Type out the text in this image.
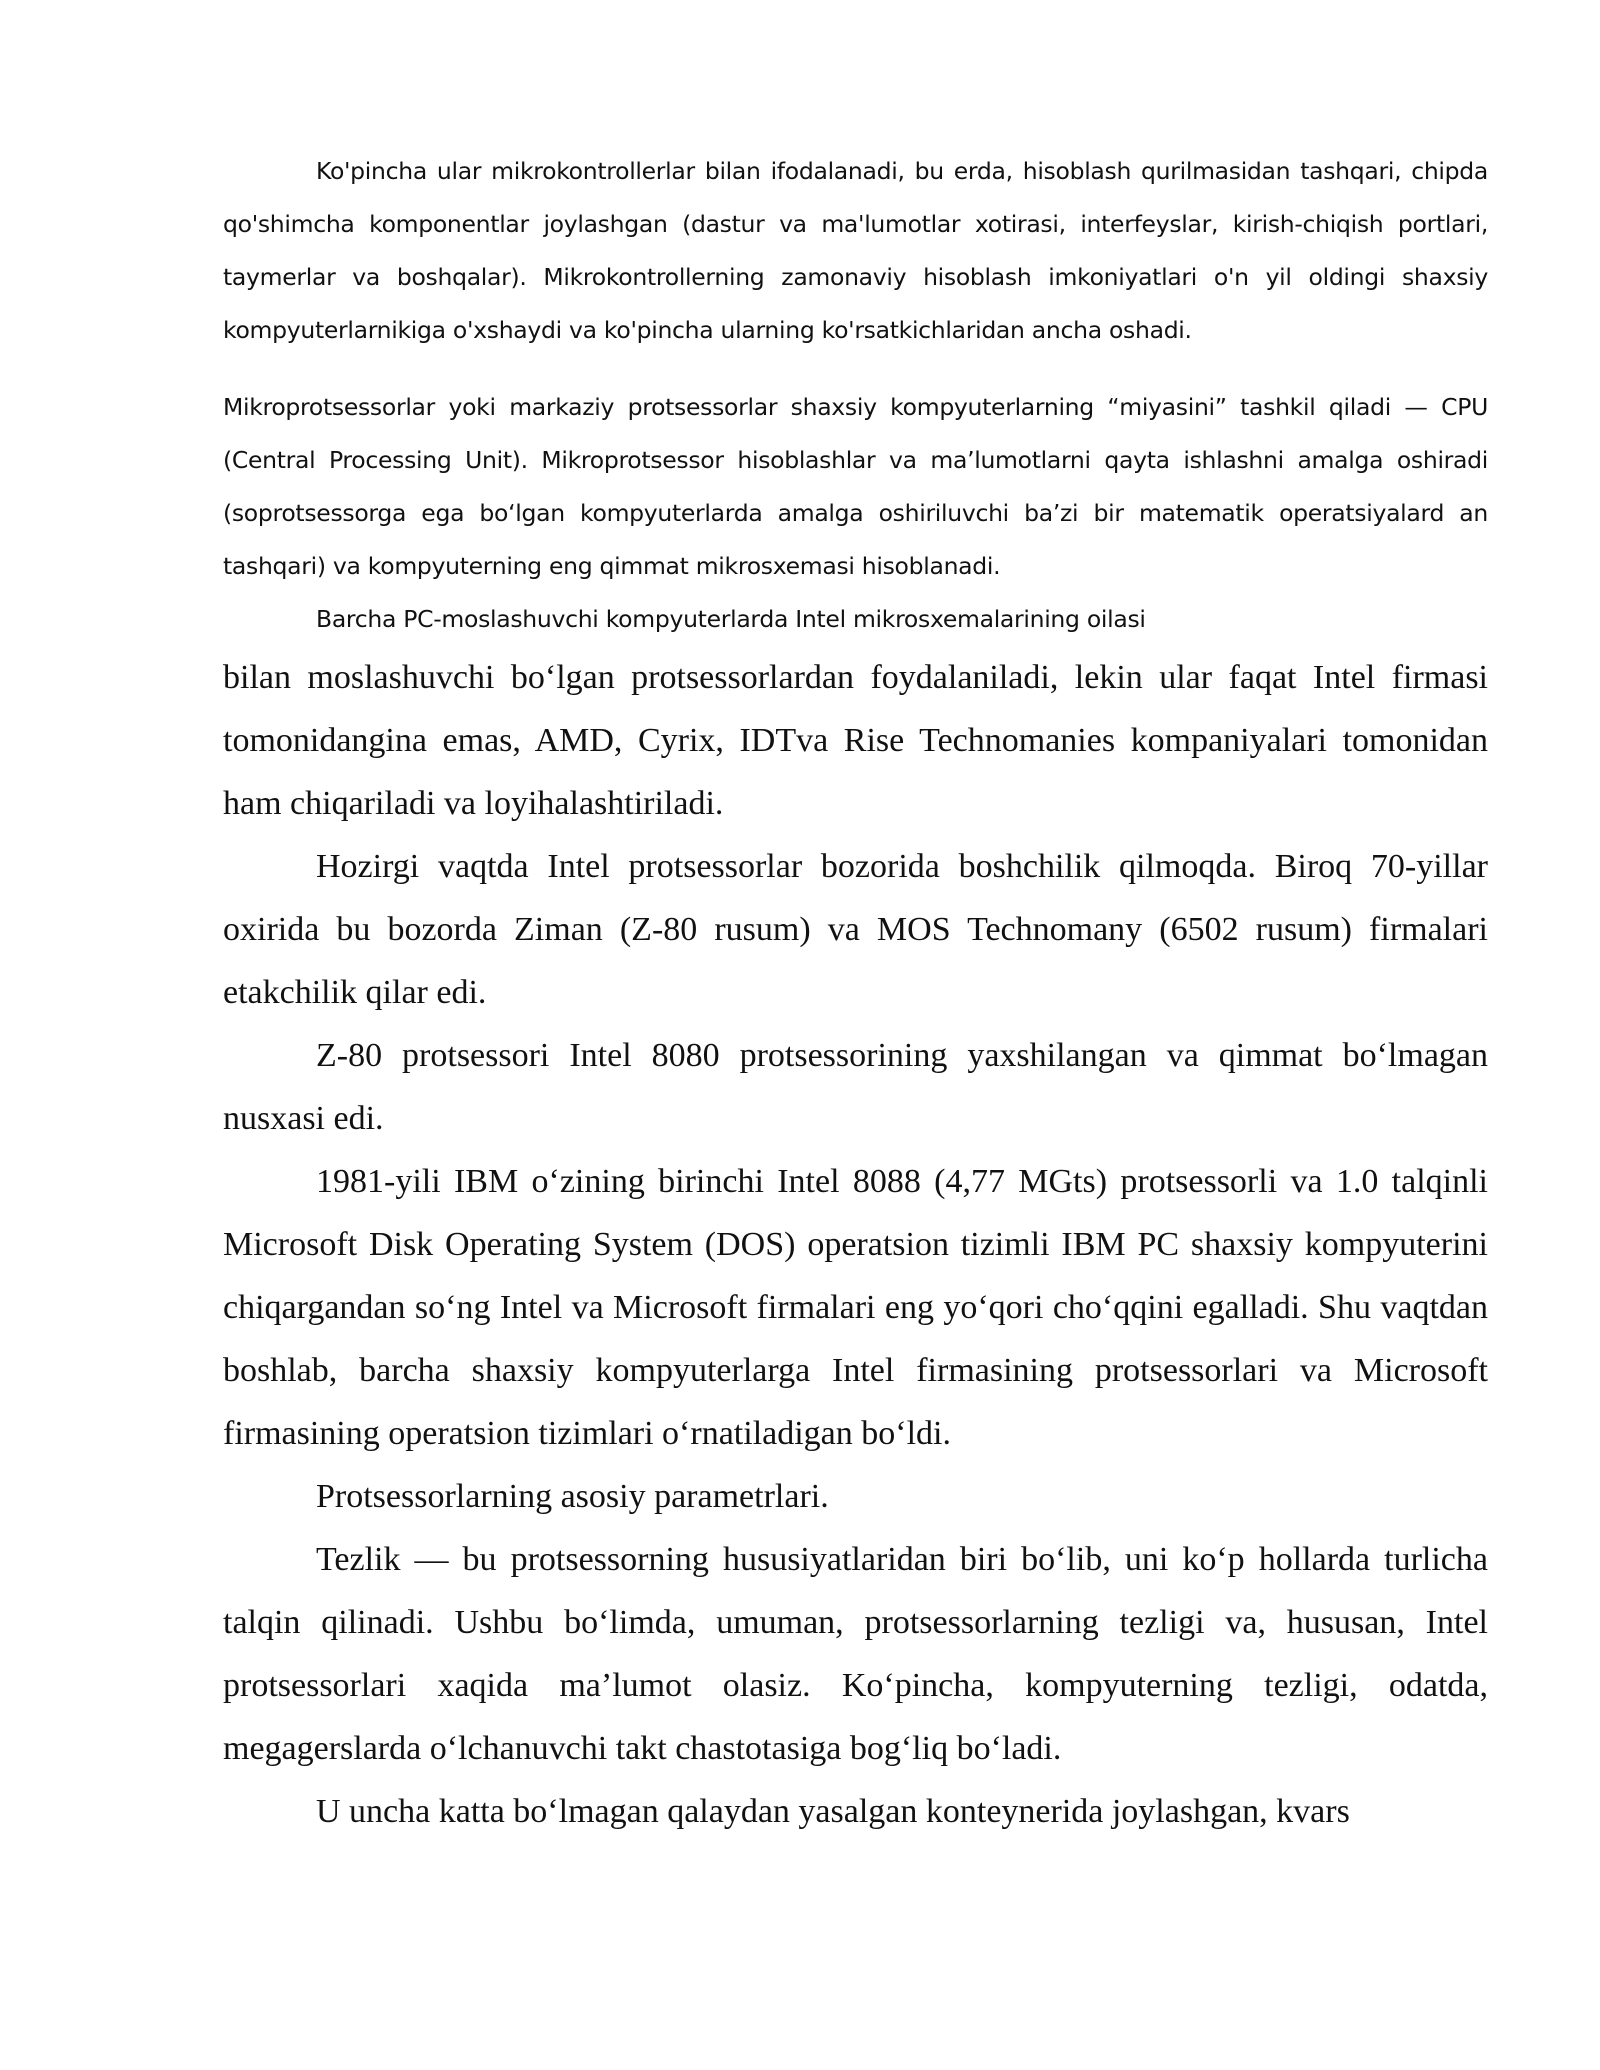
Ko'pincha ular mikrokontrollerlar bilan ifodalanadi, bu erda, hisoblash qurilmasidan tashqari, chipda qo'shimcha komponentlar joylashgan (dastur va ma'lumotlar xotirasi, interfeyslar, kirish-chiqish portlari, taymerlar va boshqalar). Mikrokontrollerning zamonaviy hisoblash imkoniyatlari o'n yil oldingi shaxsiy kompyuterlarnikiga o'xshaydi va ko'pincha ularning ko'rsatkichlaridan ancha oshadi.

Mikroprotsessorlar yoki markaziy protsessorlar shaxsiy kompyuterlarning “miyasini” tashkil qiladi — CPU (Central Processing Unit). Mikroprotsessor hisoblashlar va ma’lumotlarni qayta ishlashni amalga oshiradi (soprotsessorga ega bo‘lgan kompyuterlarda amalga oshiriluvchi ba’zi bir matematik operatsiyalard an tashqari) va kompyuterning eng qimmat mikrosxemasi hisoblanadi.

Barcha PC-moslashuvchi kompyuterlarda Intel mikrosxemalarining oilasi

bilan moslashuvchi bo‘lgan protsessorlardan foydalaniladi, lekin ular faqat Intel firmasi tomonidangina emas, AMD, Cyrix, IDTva Rise Technomanies kompaniyalari tomonidan ham chiqariladi va loyihalashtiriladi.

Hozirgi vaqtda Intel protsessorlar bozorida boshchilik qilmoqda. Biroq 70-yillar oxirida bu bozorda Ziman (Z-80 rusum) va MOS Technomany (6502 rusum) firmalari etakchilik qilar edi.

Z-80 protsessori Intel 8080 protsessorining yaxshilangan va qimmat bo‘lmagan nusxasi edi.

1981-yili IBM o‘zining birinchi Intel 8088 (4,77 MGts) protsessorli va 1.0 talqinli Microsoft Disk Operating System (DOS) operatsion tizimli IBM PC shaxsiy kompyuterini chiqargandan so‘ng Intel va Microsoft firmalari eng yo‘qori cho‘qqini egalladi. Shu vaqtdan boshlab, barcha shaxsiy kompyuterlarga Intel firmasining protsessorlari va Microsoft firmasining operatsion tizimlari o‘rnatiladigan bo‘ldi.

Protsessorlarning asosiy parametrlari.

Tezlik — bu protsessorning hususiyatlaridan biri bo‘lib, uni ko‘p hollarda turlicha talqin qilinadi. Ushbu bo‘limda, umuman, protsessorlarning tezligi va, hususan, Intel protsessorlari xaqida ma’lumot olasiz. Ko‘pincha, kompyuterning tezligi, odatda, megagerslarda o‘lchanuvchi takt chastotasiga bog‘liq bo‘ladi.

U uncha katta bo‘lmagan qalaydan yasalgan konteynerida joylashgan, kvars
